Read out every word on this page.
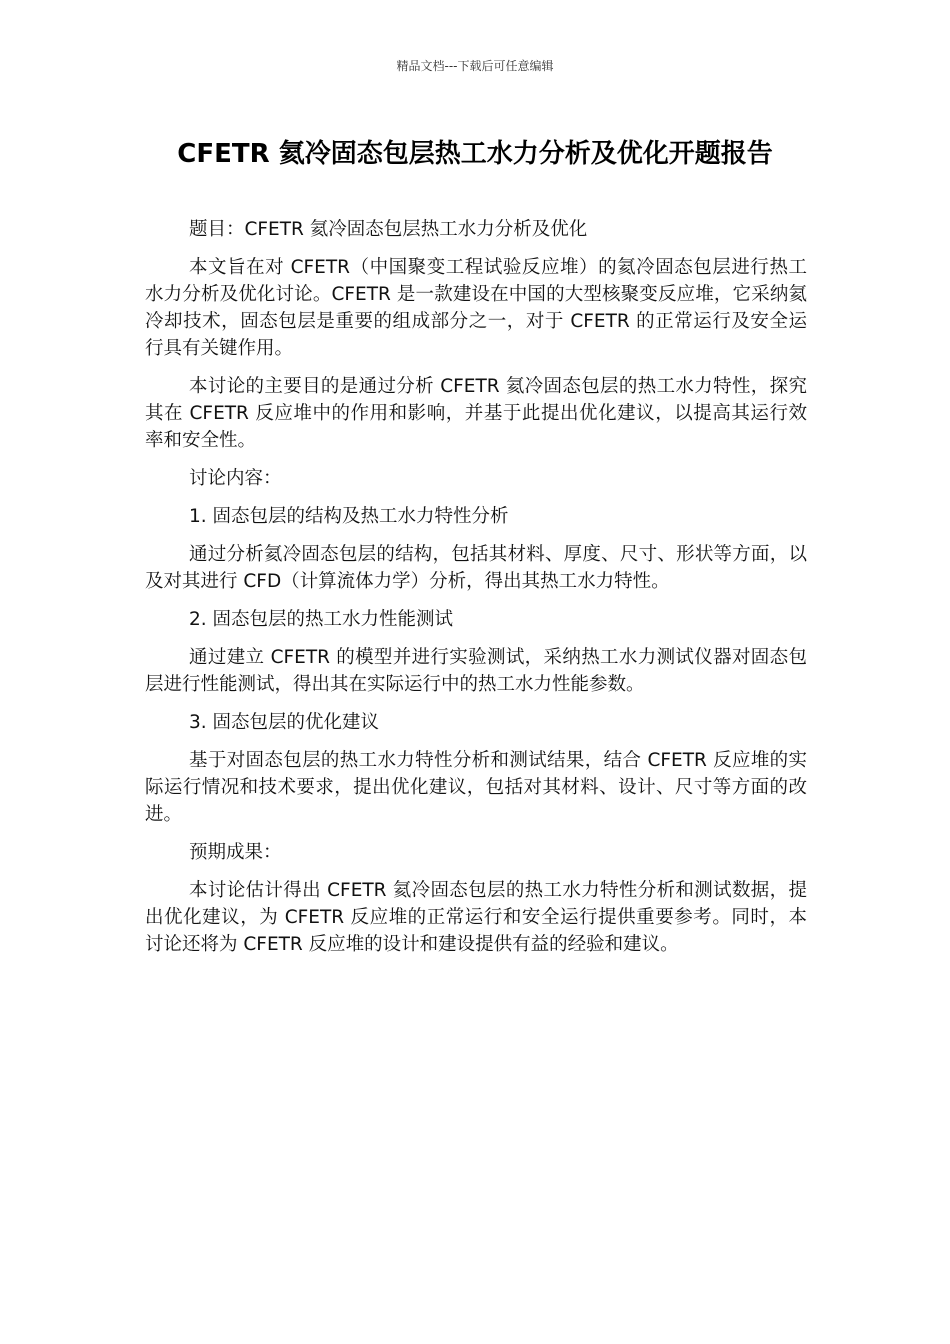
精品文档---下载后可任意编辑
CFETR 氦冷固态包层热工水力分析及优化开题报告

题目：CFETR 氦冷固态包层热工水力分析及优化

本文旨在对 CFETR（中国聚变工程试验反应堆）的氦冷固态包层进行热工水力分析及优化讨论。CFETR 是一款建设在中国的大型核聚变反应堆，它采纳氦冷却技术，固态包层是重要的组成部分之一，对于 CFETR 的正常运行及安全运行具有关键作用。

本讨论的主要目的是通过分析 CFETR 氦冷固态包层的热工水力特性，探究其在 CFETR 反应堆中的作用和影响，并基于此提出优化建议，以提高其运行效率和安全性。

讨论内容：

1. 固态包层的结构及热工水力特性分析

通过分析氦冷固态包层的结构，包括其材料、厚度、尺寸、形状等方面，以及对其进行 CFD（计算流体力学）分析，得出其热工水力特性。

2. 固态包层的热工水力性能测试

通过建立 CFETR 的模型并进行实验测试，采纳热工水力测试仪器对固态包层进行性能测试，得出其在实际运行中的热工水力性能参数。

3. 固态包层的优化建议

基于对固态包层的热工水力特性分析和测试结果，结合 CFETR 反应堆的实际运行情况和技术要求，提出优化建议，包括对其材料、设计、尺寸等方面的改进。

预期成果：

本讨论估计得出 CFETR 氦冷固态包层的热工水力特性分析和测试数据，提出优化建议，为 CFETR 反应堆的正常运行和安全运行提供重要参考。同时，本讨论还将为 CFETR 反应堆的设计和建设提供有益的经验和建议。
